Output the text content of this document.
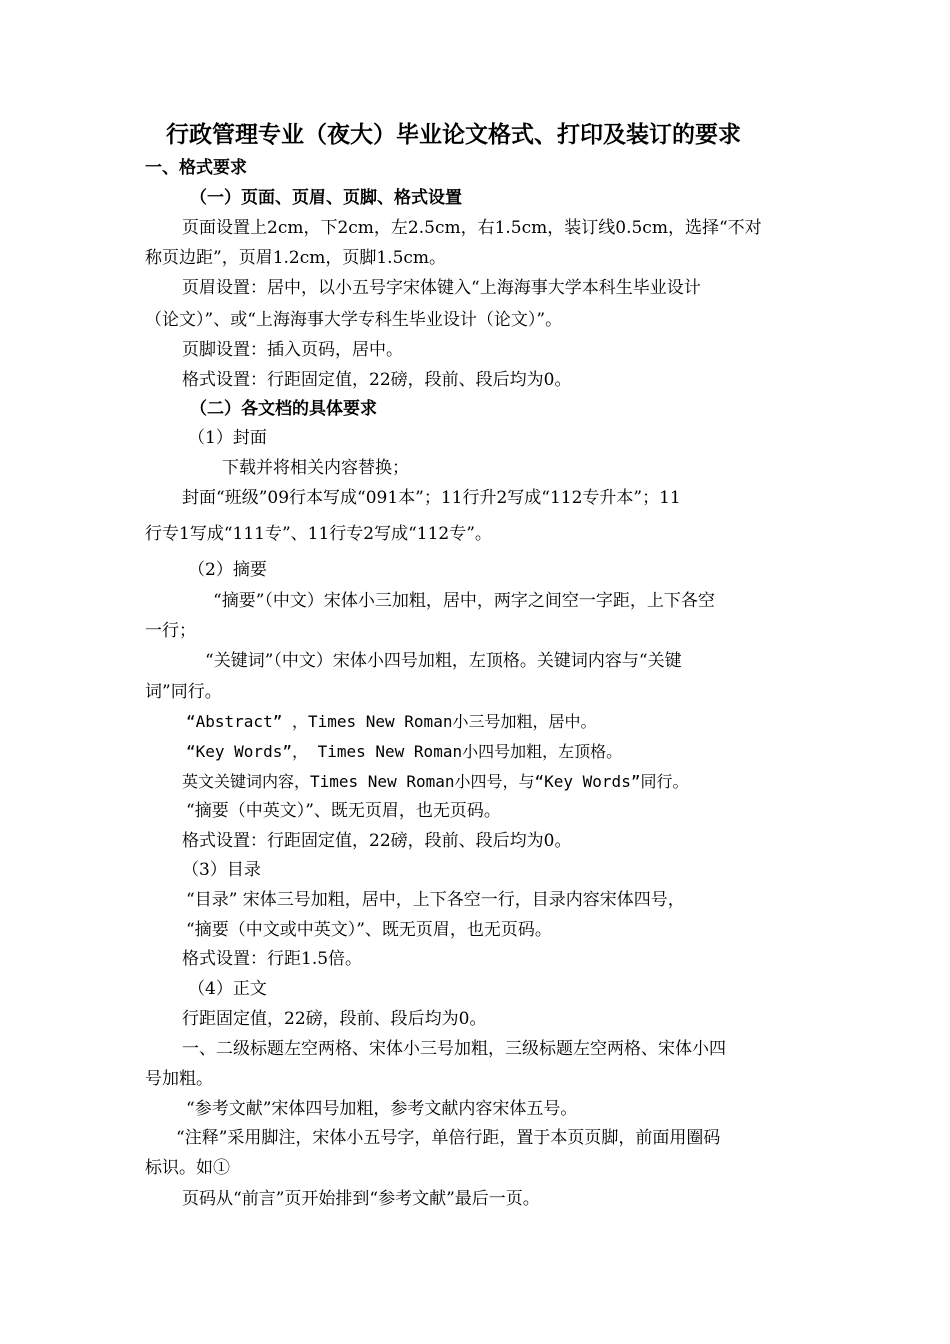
行政管理专业（夜大）毕业论文格式、打印及装订的要求
一、格式要求
（一）页面、页眉、页脚、格式设置
页面设置上2cm，下2cm，左2.5cm，右1.5cm，装订线0.5cm，选择“不对
称页边距”，页眉1.2cm，页脚1.5cm。
页眉设置：居中，以小五号字宋体键入“上海海事大学本科生毕业设计
（论文）”、或“上海海事大学专科生毕业设计（论文）”。
页脚设置：插入页码，居中。
格式设置：行距固定值，22磅，段前、段后均为0。
（二）各文档的具体要求
（1）封面
下载并将相关内容替换；
封面“班级”09行本写成“091本”；11行升2写成“112专升本”；11
行专1写成“111专”、11行专2写成“112专”。
（2）摘要
“摘要”（中文）宋体小三加粗，居中，两字之间空一字距，上下各空
一行；
“关键词”（中文）宋体小四号加粗，左顶格。关键词内容与“关键
词”同行。
“Abstract” ，Times New Roman小三号加粗，居中。
“Key Words”， Times New Roman小四号加粗，左顶格。
英文关键词内容，Times New Roman小四号，与“Key Words”同行。
“摘要（中英文）”、既无页眉，也无页码。
格式设置：行距固定值，22磅，段前、段后均为0。
（3）目录
“目录” 宋体三号加粗，居中，上下各空一行，目录内容宋体四号，
“摘要（中文或中英文）”、既无页眉，也无页码。
格式设置：行距1.5倍。
（4）正文
行距固定值，22磅，段前、段后均为0。
一、二级标题左空两格、宋体小三号加粗，三级标题左空两格、宋体小四
号加粗。
“参考文献”宋体四号加粗，参考文献内容宋体五号。
“注释”采用脚注，宋体小五号字，单倍行距，置于本页页脚，前面用圈码
标识。如①
页码从“前言”页开始排到“参考文献”最后一页。
